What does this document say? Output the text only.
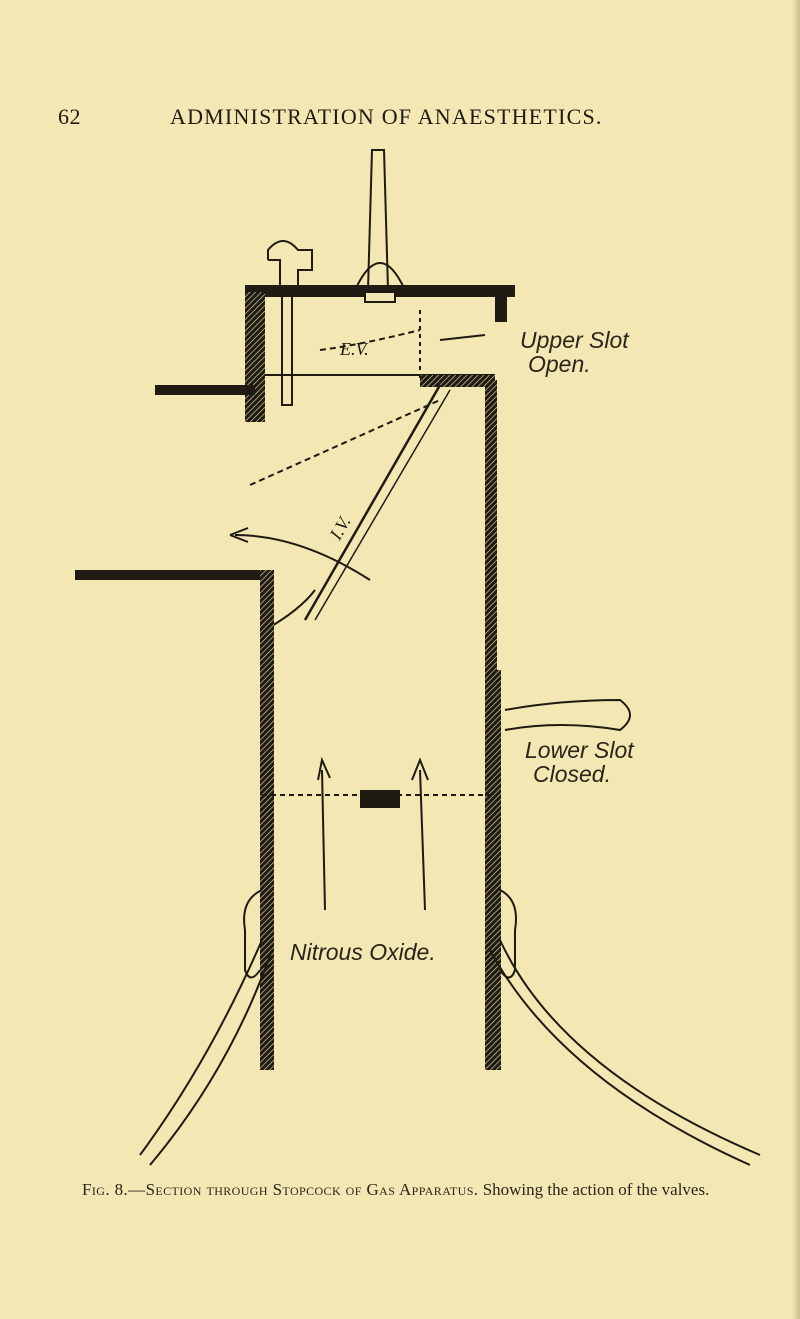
62	ADMINISTRATION OF ANAESTHETICS.
E.V.
I.V.
Upper Slot
Open.
Lower Slot
Closed.
Nitrous Oxide.
Fig. 8.—Section through Stopcock of Gas Apparatus. Showing the action of the valves.
